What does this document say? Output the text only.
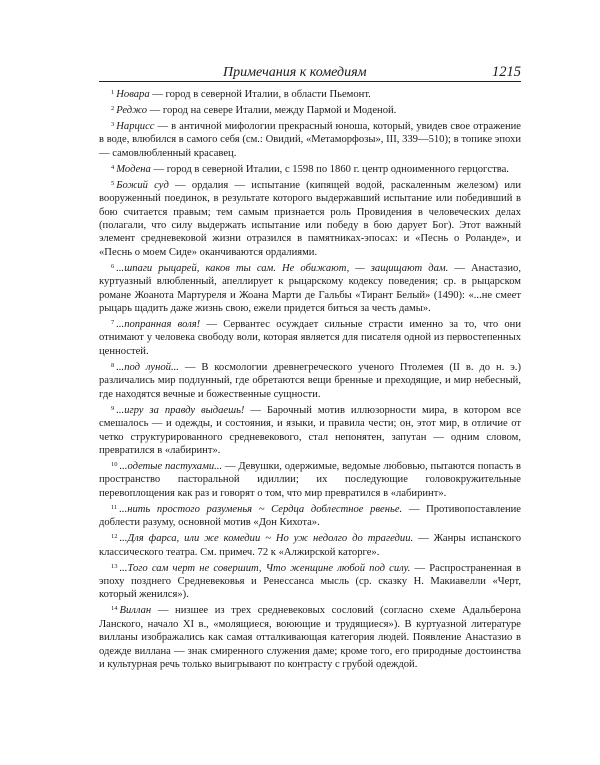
Примечания к комедиям	1215

$^1$ Новара — город в северной Италии, в области Пьемонт.

$^2$ Реджо — город на севере Италии, между Пармой и Моденой.

$^3$ Нарцисс — в античной мифологии прекрасный юноша, который, увидев свое отражение в воде, влюбился в самого себя (см.: Овидий, «Метаморфозы», III, 339—510); в топике эпохи — самовлюбленный красавец.

$^4$ Модена — город в северной Италии, с 1598 по 1860 г. центр одноименного герцогства.

$^5$ Божий суд — ордалия — испытание (кипящей водой, раскаленным железом) или вооруженный поединок, в результате которого выдержавший испытание или победивший в бою считается правым; тем самым признается роль Провидения в человеческих делах (полагали, что силу выдержать испытание или победу в бою дарует Бог). Этот важный элемент средневековой жизни отразился в памятниках-эпосах: и «Песнь о Роланде», и «Песнь о моем Сиде» оканчиваются ордалиями.

$^6$ ...шпаги рыцарей, каков ты сам. Не обижают, — защищают дам. — Анастазио, куртуазный влюбленный, апеллирует к рыцарскому кодексу поведения; ср. в рыцарском романе Жоанота Мартуреля и Жоана Марти де Гальбы «Тирант Белый» (1490): «...не смеет рыцарь щадить даже жизнь свою, ежели придется биться за честь дамы».

$^7$ ...попранная воля! — Сервантес осуждает сильные страсти именно за то, что они отнимают у человека свободу воли, которая является для писателя одной из первостепенных ценностей.

$^8$ ...под луной... — В космологии древнегреческого ученого Птолемея (II в. до н. э.) различались мир подлунный, где обретаются вещи бренные и преходящие, и мир небесный, где находятся вечные и божественные сущности.

$^9$ ...игру за правду выдаешь! — Барочный мотив иллюзорности мира, в котором все смешалось — и одежды, и состояния, и языки, и правила чести; он, этот мир, в отличие от четко структурированного средневекового, стал непонятен, запутан — одним словом, превратился в «лабиринт».

$^{10}$ ...одетые пастухами... — Девушки, одержимые, ведомые любовью, пытаются попасть в пространство пасторальной идиллии; их последующие головокружительные перевоплощения как раз и говорят о том, что мир превратился в «лабиринт».

$^{11}$ ...нить простого разуменья ~ Сердца доблестное рвенье. — Противопоставление доблести разуму, основной мотив «Дон Кихота».

$^{12}$ ...Для фарса, или же комедии ~ Но уж недолго до трагедии. — Жанры испанского классического театра. См. примеч. 72 к «Алжирской каторге».

$^{13}$ ...Того сам черт не совершит, Что женщине любой под силу. — Распространенная в эпоху позднего Средневековья и Ренессанса мысль (ср. сказку Н. Макиавелли «Черт, который женился»).

$^{14}$ Виллан — низшее из трех средневековых сословий (согласно схеме Адальберона Ланского, начало XI в., «молящиеся, воюющие и трудящиеся»). В куртуазной литературе вилланы изображались как самая отталкивающая категория людей. Появление Анастазио в одежде виллана — знак смиренного служения даме; кроме того, его природные достоинства и культурная речь только выигрывают по контрасту с грубой одеждой.
